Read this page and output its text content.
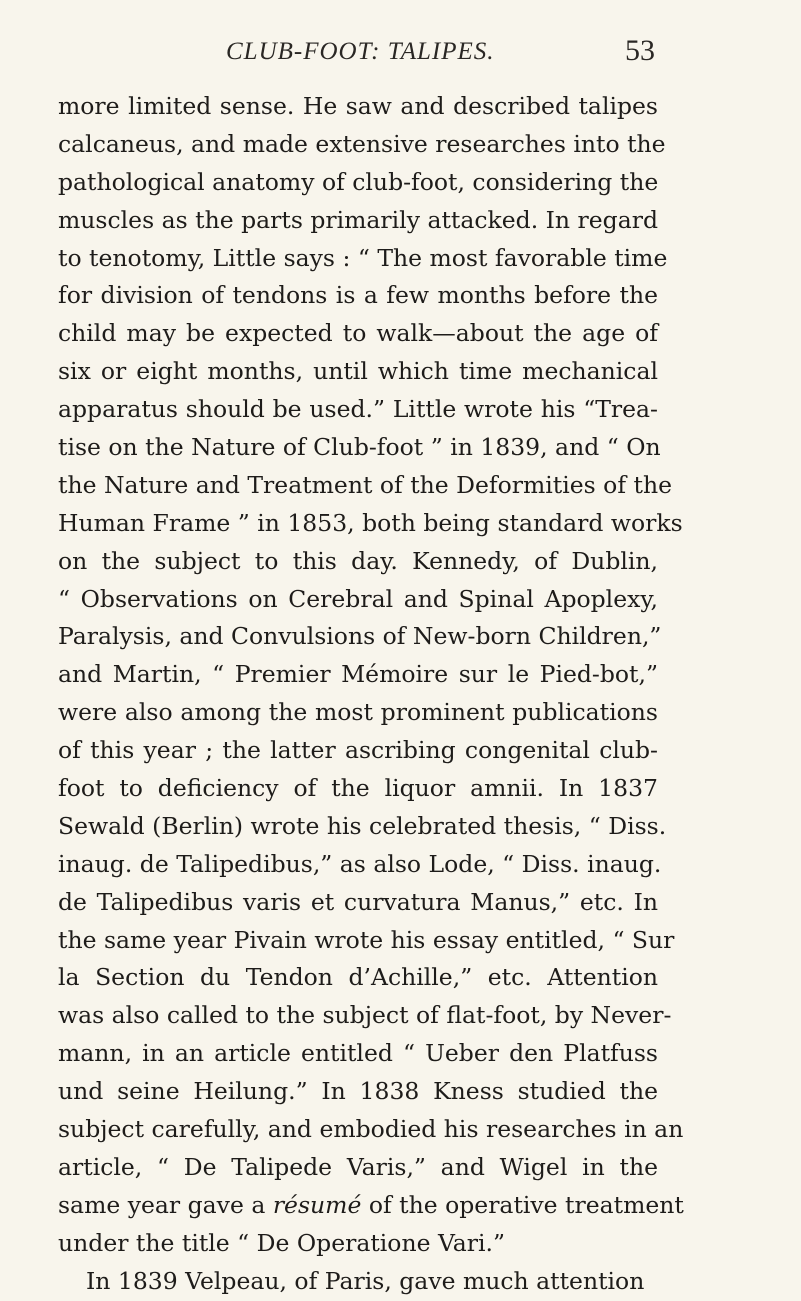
CLUB-FOOT: TALIPES.	53
more limited sense. He saw and described talipes
calcaneus, and made extensive researches into the
pathological anatomy of club-foot, considering the
muscles as the parts primarily attacked. In regard
to tenotomy, Little says : “ The most favorable time
for division of tendons is a few months before the
child may be expected to walk—about the age of
six or eight months, until which time mechanical
apparatus should be used.” Little wrote his “Trea-
tise on the Nature of Club-foot ” in 1839, and “ On
the Nature and Treatment of the Deformities of the
Human Frame ” in 1853, both being standard works
on the subject to this day. Kennedy, of Dublin,
“ Observations on Cerebral and Spinal Apoplexy,
Paralysis, and Convulsions of New-born Children,”
and Martin, “ Premier Mémoire sur le Pied-bot,”
were also among the most prominent publications
of this year ; the latter ascribing congenital club-
foot to deficiency of the liquor amnii. In 1837
Sewald (Berlin) wrote his celebrated thesis, “ Diss.
inaug. de Talipedibus,” as also Lode, “ Diss. inaug.
de Talipedibus varis et curvatura Manus,” etc. In
the same year Pivain wrote his essay entitled, “ Sur
la Section du Tendon d’Achille,” etc. Attention
was also called to the subject of flat-foot, by Never-
mann, in an article entitled “ Ueber den Platfuss
und seine Heilung.” In 1838 Kness studied the
subject carefully, and embodied his researches in an
article, “ De Talipede Varis,” and Wigel in the
same year gave a résumé of the operative treatment
under the title “ De Operatione Vari.”
In 1839 Velpeau, of Paris, gave much attention
